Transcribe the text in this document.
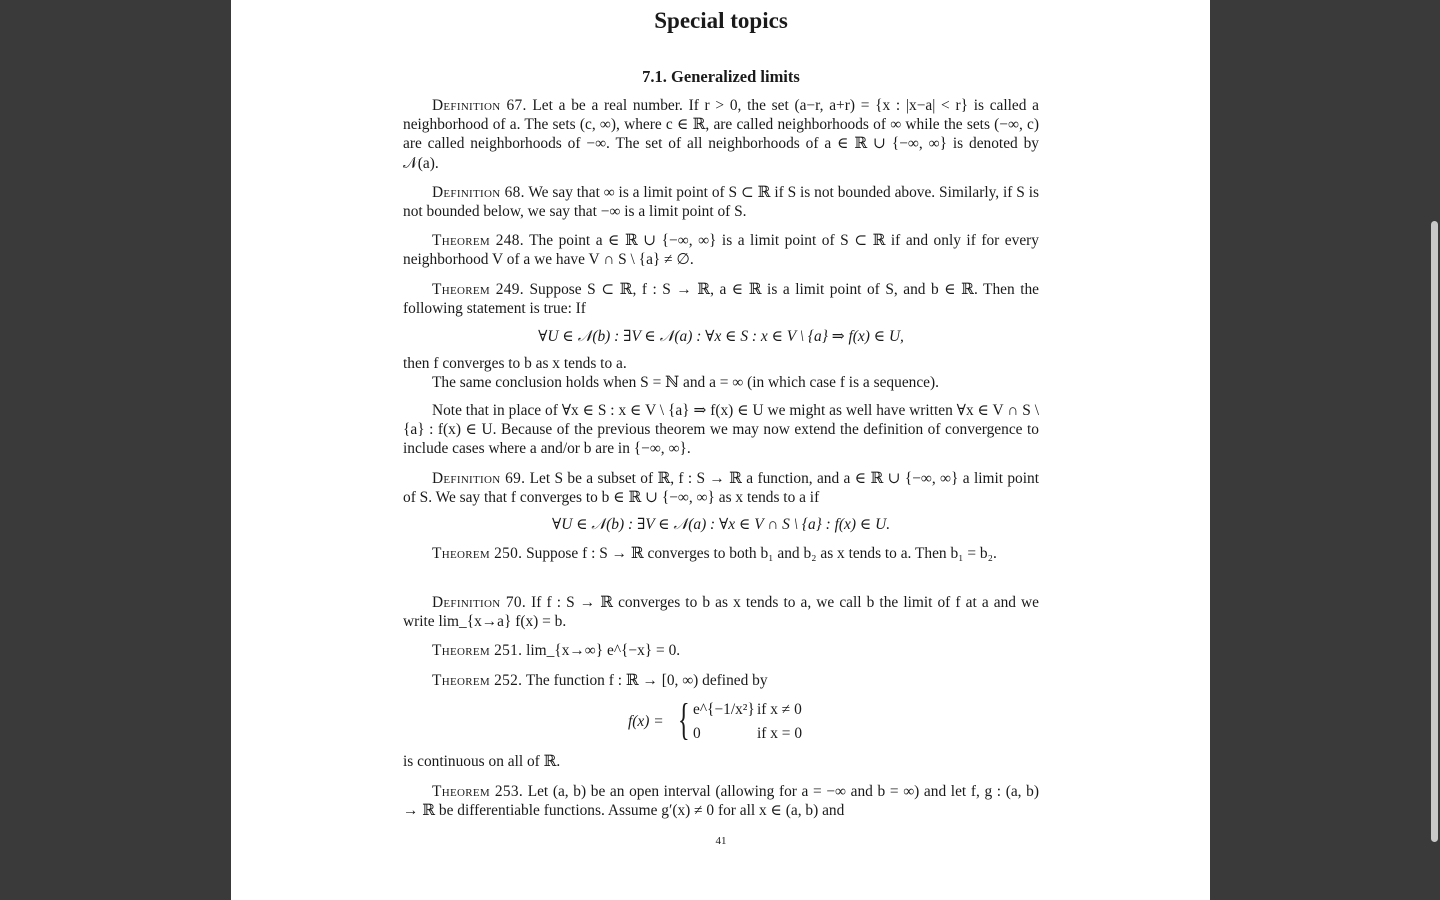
Special topics
7.1. Generalized limits

Definition 67. Let a be a real number. If r > 0, the set (a−r, a+r) = {x : |x−a| < r} is called a neighborhood of a. The sets (c, ∞), where c ∈ ℝ, are called neighborhoods of ∞ while the sets (−∞, c) are called neighborhoods of −∞. The set of all neighborhoods of a ∈ ℝ ∪ {−∞, ∞} is denoted by 𝒩(a).

Definition 68. We say that ∞ is a limit point of S ⊂ ℝ if S is not bounded above. Similarly, if S is not bounded below, we say that −∞ is a limit point of S.

Theorem 248. The point a ∈ ℝ ∪ {−∞, ∞} is a limit point of S ⊂ ℝ if and only if for every neighborhood V of a we have V ∩ S \ {a} ≠ ∅.

Theorem 249. Suppose S ⊂ ℝ, f : S → ℝ, a ∈ ℝ is a limit point of S, and b ∈ ℝ. Then the following statement is true: If

∀U ∈ 𝒩(b) : ∃V ∈ 𝒩(a) : ∀x ∈ S : x ∈ V \ {a} ⇒ f(x) ∈ U,

then f converges to b as x tends to a.

The same conclusion holds when S = ℕ and a = ∞ (in which case f is a sequence).

Note that in place of ∀x ∈ S : x ∈ V \ {a} ⇒ f(x) ∈ U we might as well have written ∀x ∈ V ∩ S \ {a} : f(x) ∈ U. Because of the previous theorem we may now extend the definition of convergence to include cases where a and/or b are in {−∞, ∞}.

Definition 69. Let S be a subset of ℝ, f : S → ℝ a function, and a ∈ ℝ ∪ {−∞, ∞} a limit point of S. We say that f converges to b ∈ ℝ ∪ {−∞, ∞} as x tends to a if

∀U ∈ 𝒩(b) : ∃V ∈ 𝒩(a) : ∀x ∈ V ∩ S \ {a} : f(x) ∈ U.

Theorem 250. Suppose f : S → ℝ converges to both b₁ and b₂ as x tends to a. Then b₁ = b₂.

Definition 70. If f : S → ℝ converges to b as x tends to a, we call b the limit of f at a and we write lim_{x→a} f(x) = b.

Theorem 251. lim_{x→∞} e^{−x} = 0.

Theorem 252. The function f : ℝ → [0, ∞) defined by

f(x) = { e^{−1/x²} if x ≠ 0
0	if x = 0

is continuous on all of ℝ.

Theorem 253. Let (a, b) be an open interval (allowing for a = −∞ and b = ∞) and let f, g : (a, b) → ℝ be differentiable functions. Assume g′(x) ≠ 0 for all x ∈ (a, b) and

41
